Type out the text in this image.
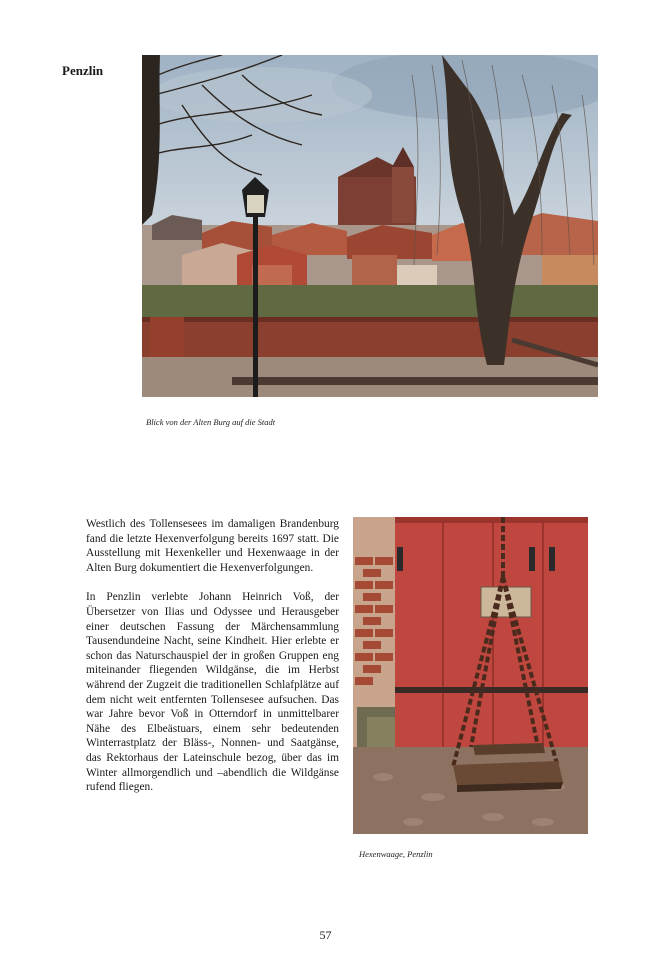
Penzlin
Blick von der Alten Burg auf die Stadt

Westlich des Tollensesees im damaligen Brandenburg fand die letzte Hexenverfolgung bereits 1697 statt. Die Ausstellung mit Hexenkeller und Hexenwaage in der Alten Burg dokumentiert die Hexenverfolgungen.

In Penzlin verlebte Johann Heinrich Voß, der Übersetzer von Ilias und Odyssee und Herausgeber einer deutschen Fassung der Märchensammlung Tausendundeine Nacht, seine Kindheit. Hier erlebte er schon das Naturschauspiel der in großen Gruppen eng miteinander fliegenden Wildgänse, die im Herbst während der Zugzeit die traditionellen Schlafplätze auf dem nicht weit entfernten Tollensesee aufsuchen. Das war Jahre bevor Voß in Otterndorf in unmittelbarer Nähe des Elbeästuars, einem sehr bedeutenden Winterrastplatz der Bläss-, Nonnen- und Saatgänse, das Rektorhaus der Lateinschule bezog, über das im Winter allmorgendlich und –abendlich die Wildgänse rufend fliegen.

Hexenwaage, Penzlin
57
